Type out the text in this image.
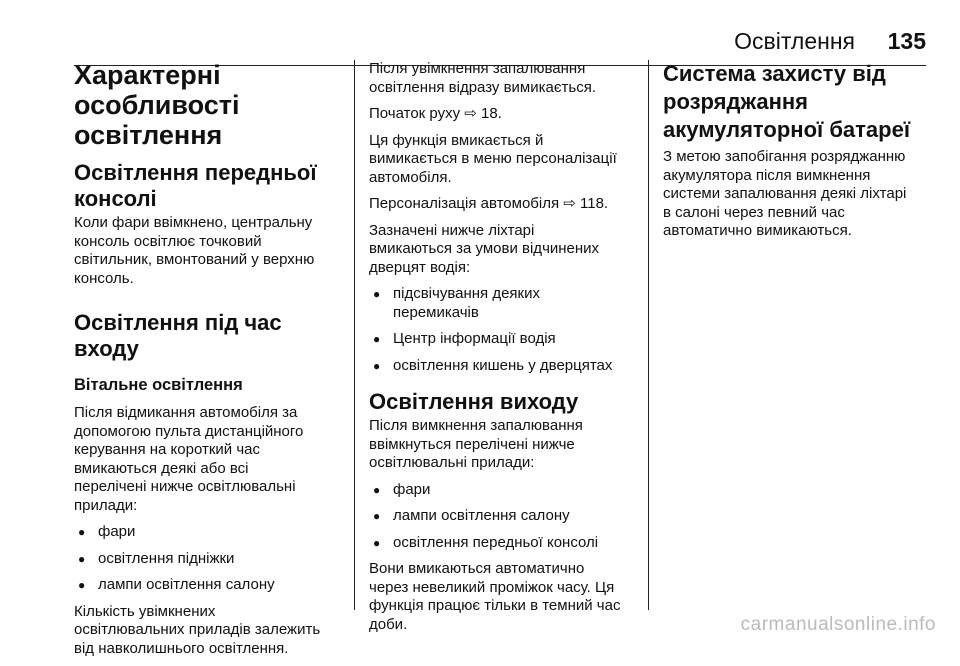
Освітлення 135
Характерні
особливості
освітлення
Освітлення передньої
консолі

Коли фари ввімкнено, центральну
консоль освітлює точковий
світильник, вмонтований у верхню
консоль.

Освітлення під час входу
Вітальне освітлення

Після відмикання автомобіля за
допомогою пульта дистанційного
керування на короткий час
вмикаються деякі або всі
перелічені нижче освітлювальні
прилади:

● фари
● освітлення підніжки
● лампи освітлення салону

Кількість увімкнених
освітлювальних приладів залежить
від навколишнього освітлення.

Після увімкнення запалювання
освітлення відразу вимикається.

Початок руху ⇨ 18.

Ця функція вмикається й
вимикається в меню персоналізації
автомобіля.

Персоналізація автомобіля ⇨ 118.

Зазначені нижче ліхтарі
вмикаються за умови відчинених
дверцят водія:

● підсвічування деяких
перемикачів
● Центр інформації водія
● освітлення кишень у дверцятах
Освітлення виходу

Після вимкнення запалювання
ввімкнуться перелічені нижче
освітлювальні прилади:

● фари
● лампи освітлення салону
● освітлення передньої консолі

Вони вмикаються автоматично
через невеликий проміжок часу. Ця
функція працює тільки в темний час
доби.

Система захисту від
розряджання
акумуляторної батареї

З метою запобігання розряджанню
акумулятора після вимкнення
системи запалювання деякі ліхтарі
в салоні через певний час
автоматично вимикаються.

carmanualsonline.info
